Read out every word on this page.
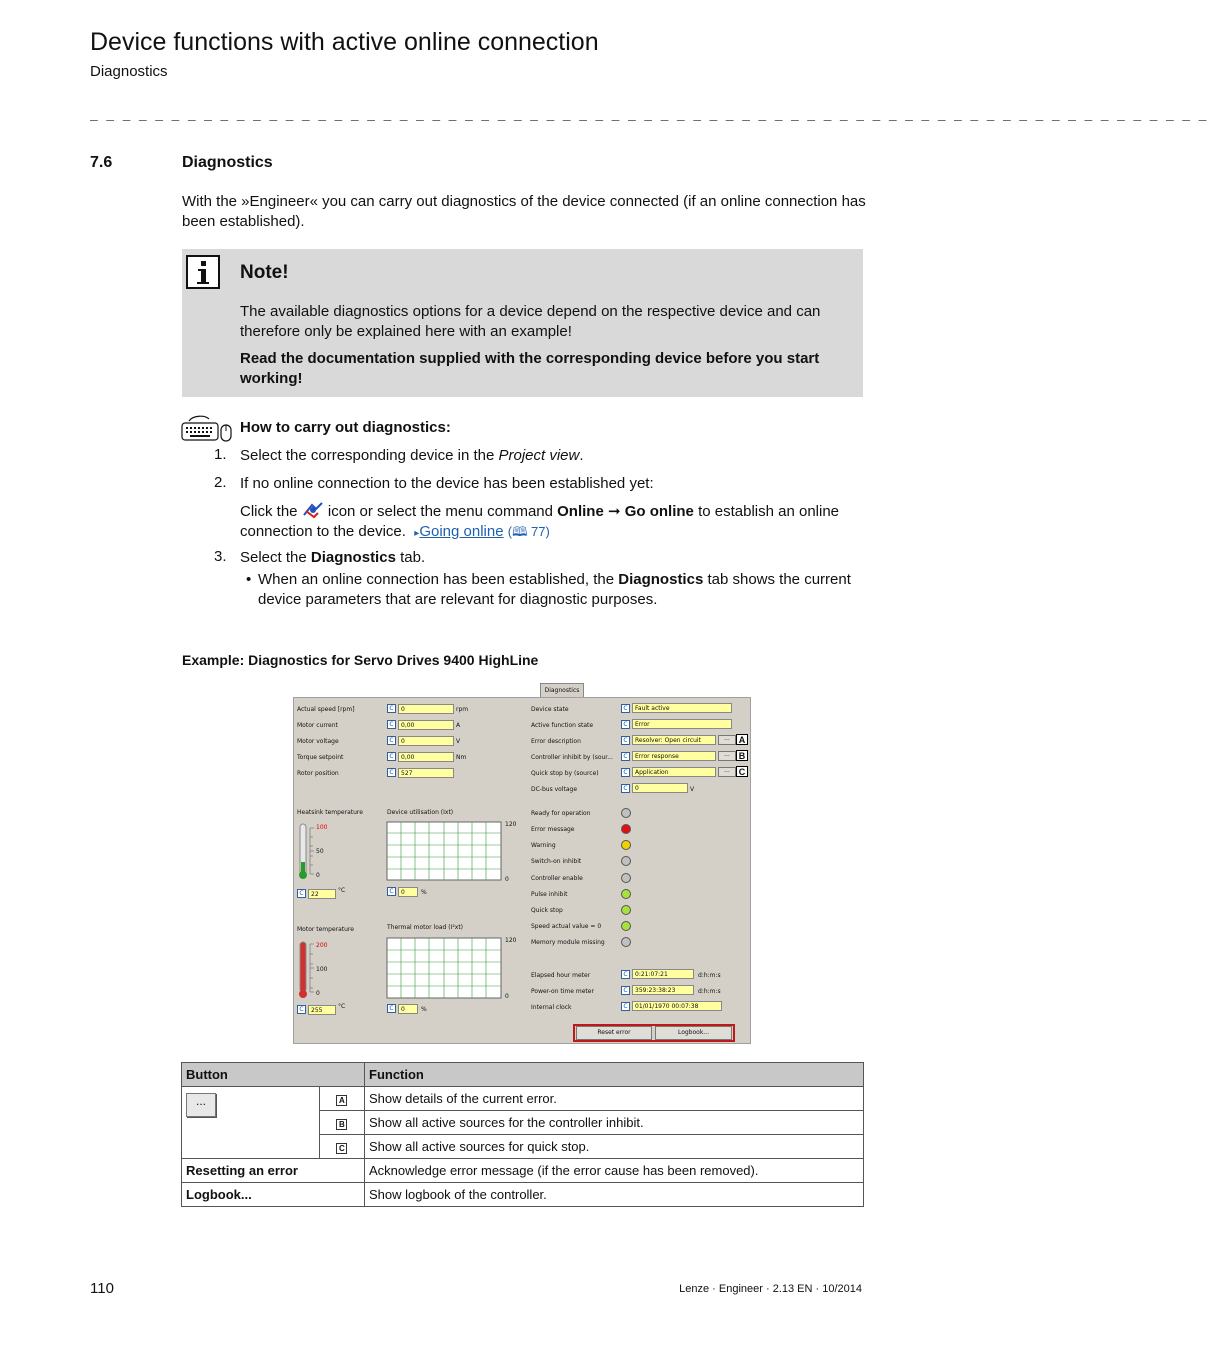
Device functions with active online connection
Diagnostics
_ _ _ _ _ _ _ _ _ _ _ _ _ _ _ _ _ _ _ _ _ _ _ _ _ _ _ _ _ _ _ _ _ _ _ _ _ _ _ _ _ _ _ _ _ _ _ _ _ _ _ _ _ _ _ _ _ _ _ _ _ _ _ _ _ _ _ _ _
7.6	Diagnostics
With the »Engineer« you can carry out diagnostics of the device connected (if an online connection has been established).
Note!
The available diagnostics options for a device depend on the respective device and can therefore only be explained here with an example!
Read the documentation supplied with the corresponding device before you start working!
How to carry out diagnostics:
1. Select the corresponding device in the Project view.
2. If no online connection to the device has been established yet:
Click the  icon or select the menu command Online ➞ Go online to establish an online connection to the device. ▸Going online (🕮 77)
3. Select the Diagnostics tab.
• When an online connection has been established, the Diagnostics tab shows the current device parameters that are relevant for diagnostic purposes.
Example: Diagnostics for Servo Drives 9400 HighLine
Diagnostics
Actual speed [rpm]	C	0	rpm
Motor current	C	0,00	A
Motor voltage	C	0	V
Torque setpoint	C	0,00	Nm
Rotor position	C	527
Device state	C	Fault active
Active function state	C	Error
Error description	C	Resolver: Open circuit
Controller inhibit by (sour...	C	Error response
Quick stop by (source)	C	Application
DC-bus voltage	C	0	V
...
...
...
A
B
C
Heatsink temperature
100
50
0
C	22
°C
Device utilisation (Ixt)
120
0
C	0	%
Motor temperature
200
100
0
C	255
°C
Thermal motor load (I²xt)
120
0
C	0	%
Ready for operation
Error message
Warning
Switch-on inhibit
Controller enable
Pulse inhibit
Quick stop
Speed actual value = 0
Memory module missing
Elapsed hour meter	C	0:21:07:21	d:h:m:s
Power-on time meter	C	359:23:38:23	d:h:m:s
Internal clock	C	01/01/1970 00:07:38
Reset error	Logbook...
Button		Function

...	A	Show details of the current error.
	B	Show all active sources for the controller inhibit.
	C	Show all active sources for quick stop.
Resetting an error		Acknowledge error message (if the error cause has been removed).
Logbook...		Show logbook of the controller.
110	Lenze · Engineer · 2.13 EN · 10/2014
